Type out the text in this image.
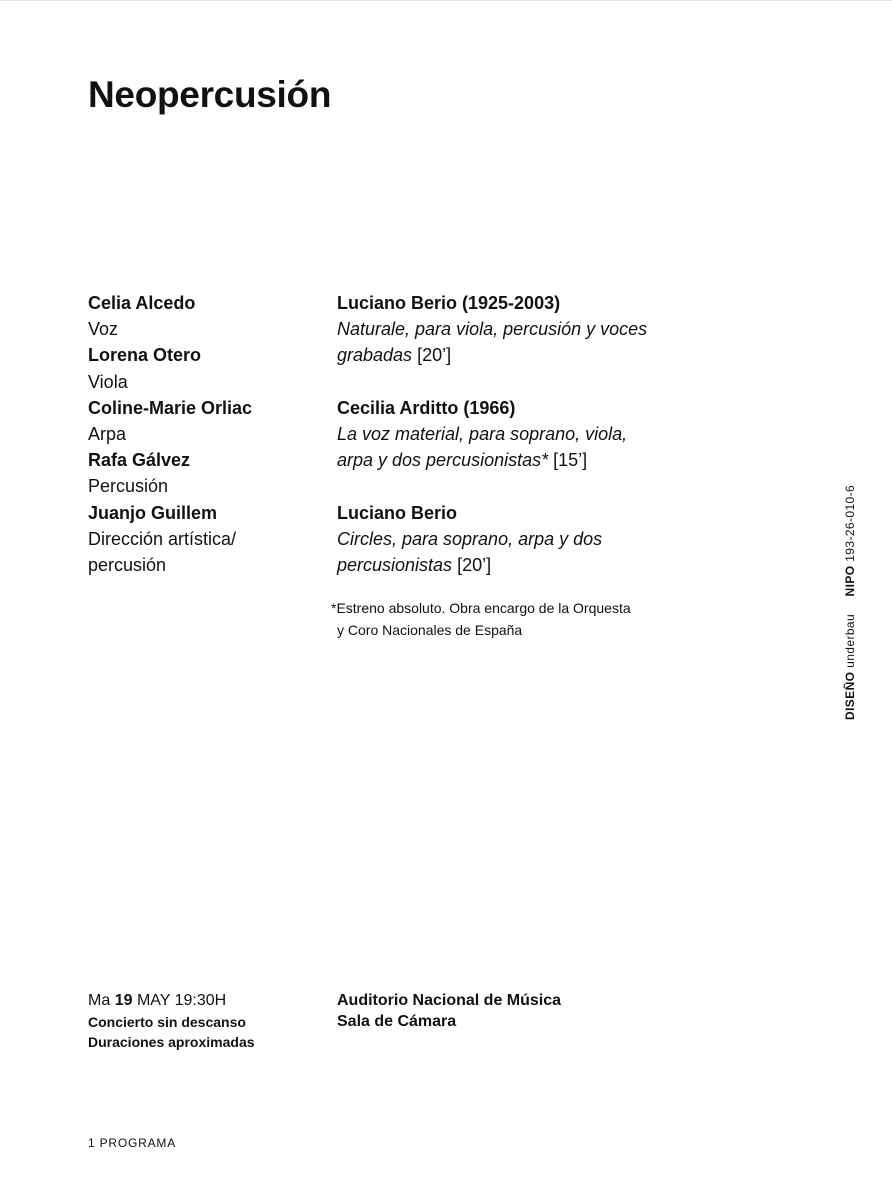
Neopercusión
Celia Alcedo
Voz
Lorena Otero
Viola
Coline-Marie Orliac
Arpa
Rafa Gálvez
Percusión
Juanjo Guillem
Dirección artística/
percusión
Luciano Berio (1925-2003)
Naturale, para viola, percusión y voces
grabadas [20’]
Cecilia Arditto (1966)
La voz material, para soprano, viola,
arpa y dos percusionistas* [15’]
Luciano Berio
Circles, para soprano, arpa y dos
percusionistas [20’]
*Estreno absoluto. Obra encargo de la Orquesta
y Coro Nacionales de España
DISEÑO underbau  NIPO 193-26-010-6
Ma 19 MAY 19:30H
Concierto sin descanso
Duraciones aproximadas
Auditorio Nacional de Música
Sala de Cámara
1 PROGRAMA
